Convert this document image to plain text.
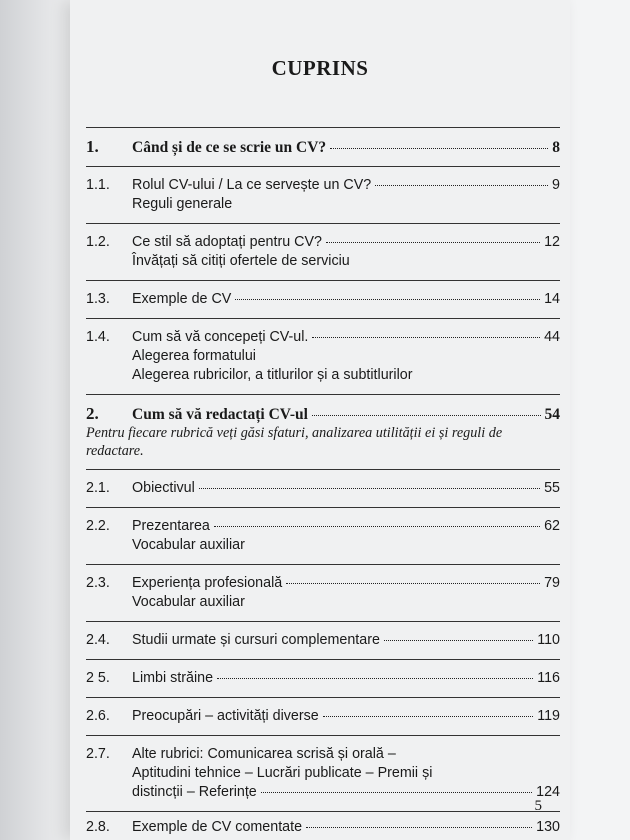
CUPRINS
1.	Când și de ce se scrie un CV?	8
1.1.	Rolul CV-ului / La ce servește un CV?	9
Reguli generale
1.2.	Ce stil să adoptați pentru CV?	12
Învățați să citiți ofertele de serviciu
1.3.	Exemple de CV	14
1.4.	Cum să vă concepeți CV-ul.	44
Alegerea formatului
Alegerea rubricilor, a titlurilor și a subtitlurilor
2.	Cum să vă redactați CV-ul	54
Pentru fiecare rubrică veți găsi sfaturi, analizarea utilității ei și reguli de redactare.
2.1.	Obiectivul	55
2.2.	Prezentarea	62
Vocabular auxiliar
2.3.	Experiența profesională	79
Vocabular auxiliar
2.4.	Studii urmate și cursuri complementare	110
2 5.	Limbi străine	116
2.6.	Preocupări – activități diverse	119
2.7.	Alte rubrici: Comunicarea scrisă și orală –
Aptitudini tehnice – Lucrări publicate – Premii și
distincții – Referințe	124
2.8.	Exemple de CV comentate	130
5
